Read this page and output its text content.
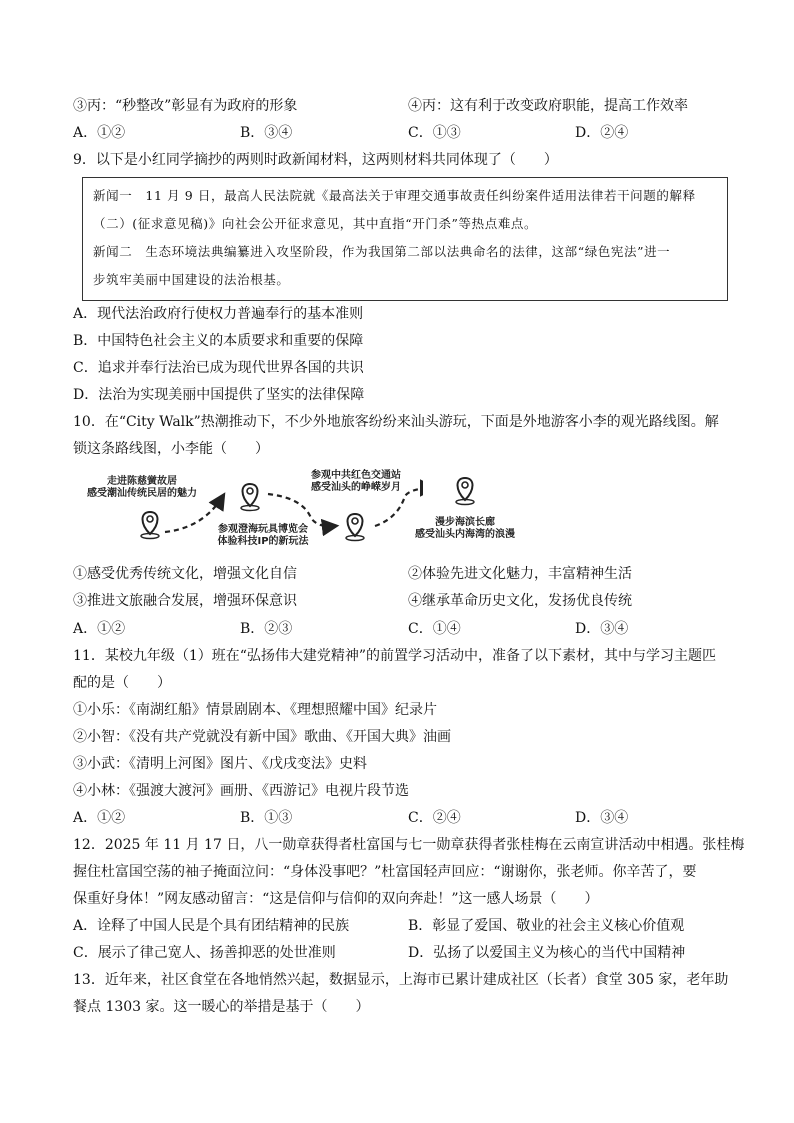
③丙：“秒整改”彰显有为政府的形象	④丙：这有利于改变政府职能，提高工作效率
A．①②	B．③④	C．①③	D．②④
9．以下是小红同学摘抄的两则时政新闻材料，这两则材料共同体现了（　　）
新闻一　11 月 9 日，最高人民法院就《最高法关于审理交通事故责任纠纷案件适用法律若干问题的解释
（二）(征求意见稿)》向社会公开征求意见，其中直指“开门杀”等热点难点。
新闻二　生态环境法典编纂进入攻坚阶段，作为我国第二部以法典命名的法律，这部“绿色宪法”进一
步筑牢美丽中国建设的法治根基。
A．现代法治政府行使权力普遍奉行的基本准则
B．中国特色社会主义的本质要求和重要的保障
C．追求并奉行法治已成为现代世界各国的共识
D．法治为实现美丽中国提供了坚实的法律保障
10．在“City Walk”热潮推动下，不少外地旅客纷纷来汕头游玩，下面是外地游客小李的观光路线图。解
锁这条路线图，小李能（　　）
走进陈慈黉故居
感受潮汕传统民居的魅力
参观澄海玩具博览会
体验科技IP的新玩法
参观中共红色交通站
感受汕头的峥嵘岁月
漫步海滨长廊
感受汕头内海湾的浪漫
①感受优秀传统文化，增强文化自信	②体验先进文化魅力，丰富精神生活
③推进文旅融合发展，增强环保意识	④继承革命历史文化，发扬优良传统
A．①②	B．②③	C．①④	D．③④
11．某校九年级（1）班在“弘扬伟大建党精神”的前置学习活动中，准备了以下素材，其中与学习主题匹
配的是（　　）
①小乐：《南湖红船》情景剧剧本、《理想照耀中国》纪录片
②小智：《没有共产党就没有新中国》歌曲、《开国大典》油画
③小武：《清明上河图》图片、《戊戌变法》史料
④小林：《强渡大渡河》画册、《西游记》电视片段节选
A．①②	B．①③	C．②④	D．③④
12．2025 年 11 月 17 日，八一勋章获得者杜富国与七一勋章获得者张桂梅在云南宣讲活动中相遇。张桂梅
握住杜富国空荡的袖子掩面泣问：“身体没事吧？”杜富国轻声回应：“谢谢你，张老师。你辛苦了，要
保重好身体！”网友感动留言：“这是信仰与信仰的双向奔赴！”这一感人场景（　　）
A．诠释了中国人民是个具有团结精神的民族	B．彰显了爱国、敬业的社会主义核心价值观
C．展示了律己宽人、扬善抑恶的处世准则	D．弘扬了以爱国主义为核心的当代中国精神
13．近年来，社区食堂在各地悄然兴起，数据显示，上海市已累计建成社区（长者）食堂 305 家，老年助
餐点 1303 家。这一暖心的举措是基于（　　）
